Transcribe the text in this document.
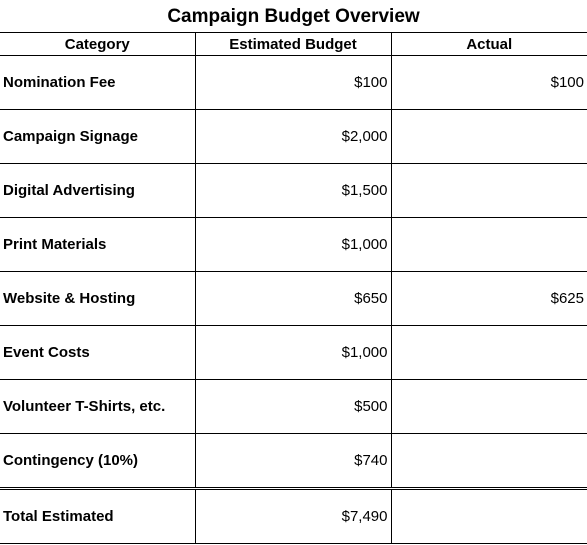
Campaign Budget Overview
Category	Estimated Budget	Actual
Nomination Fee	$100	$100
Campaign Signage	$2,000	
Digital Advertising	$1,500	
Print Materials	$1,000	
Website & Hosting	$650	$625
Event Costs	$1,000	
Volunteer T-Shirts, etc.	$500	
Contingency (10%)	$740	
Total Estimated	$7,490	
